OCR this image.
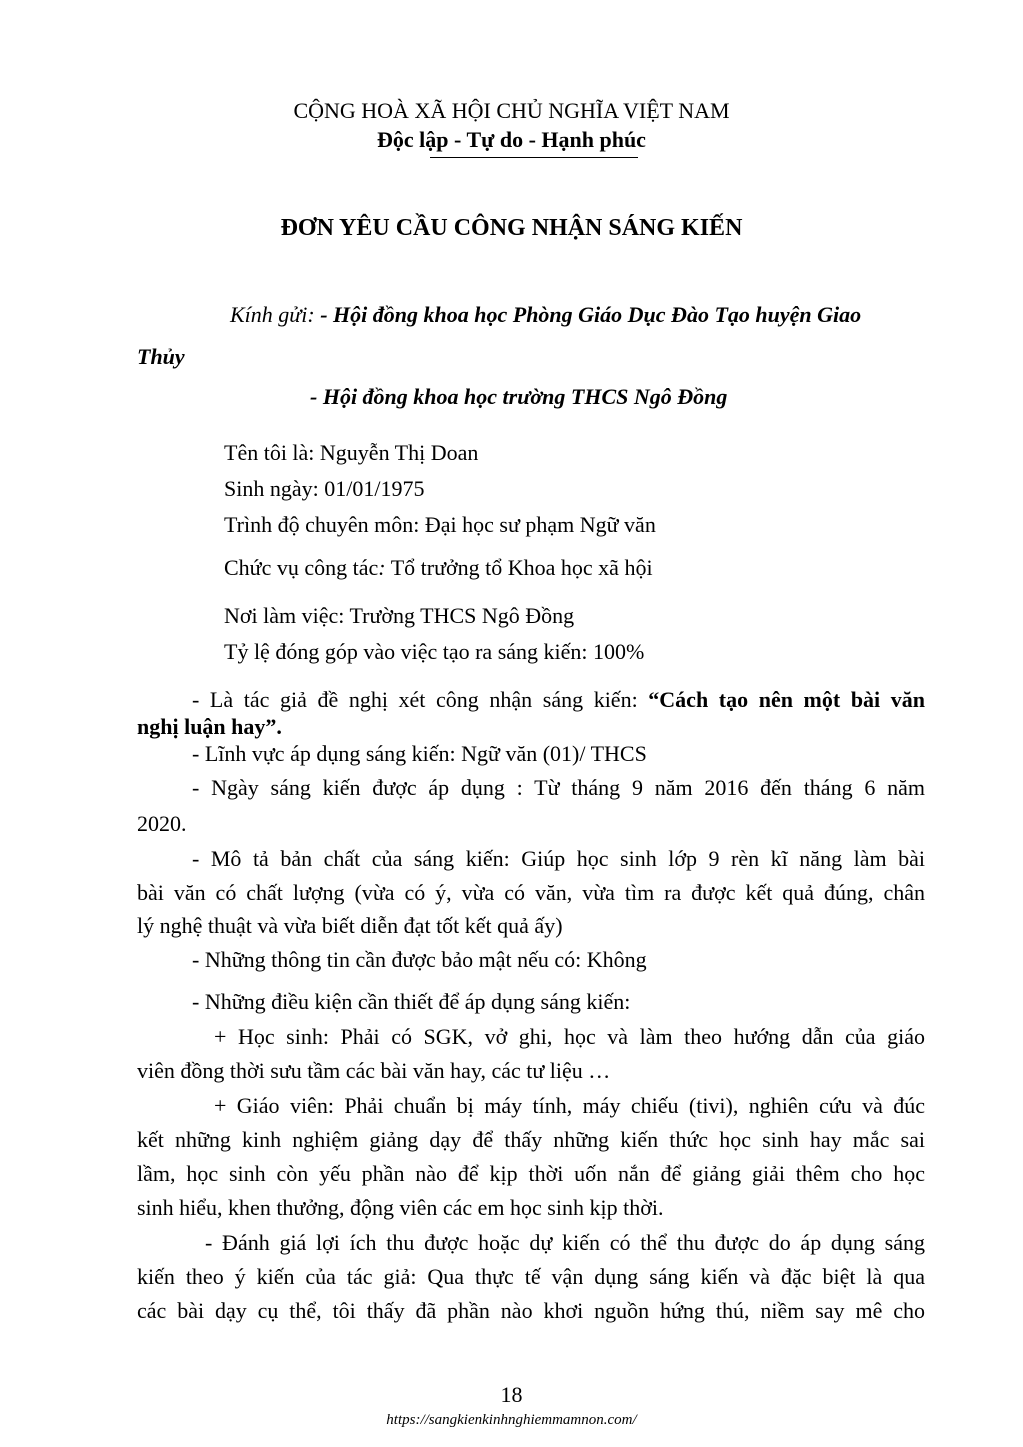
CỘNG HOÀ XÃ HỘI CHỦ NGHĨA VIỆT NAM
Độc lập - Tự do - Hạnh phúc
ĐƠN YÊU CẦU CÔNG NHẬN SÁNG KIẾN
Kính gửi: - Hội đồng khoa học Phòng Giáo Dục Đào Tạo huyện Giao
Thủy
- Hội đồng khoa học trường THCS Ngô Đồng
Tên tôi là: Nguyễn Thị Doan
Sinh ngày: 01/01/1975
Trình độ chuyên môn: Đại học sư phạm Ngữ văn
Chức vụ công tác: Tổ trưởng tổ Khoa học xã hội
Nơi làm việc: Trường THCS Ngô Đồng
Tỷ lệ đóng góp vào việc tạo ra sáng kiến: 100%
- Là tác giả đề nghị xét công nhận sáng kiến: “Cách tạo nên một bài văn
nghị luận hay”.
- Lĩnh vực áp dụng sáng kiến: Ngữ văn (01)/ THCS
- Ngày sáng kiến được áp dụng : Từ tháng 9 năm 2016 đến tháng 6 năm
2020.
- Mô tả bản chất của sáng kiến: Giúp học sinh lớp 9 rèn kĩ năng làm bài
bài văn có chất lượng (vừa có ý, vừa có văn, vừa tìm ra được kết quả đúng, chân
lý nghệ thuật và vừa biết diễn đạt tốt kết quả ấy)
- Những thông tin cần được bảo mật nếu có: Không
- Những điều kiện cần thiết để áp dụng sáng kiến:
+ Học sinh: Phải có SGK, vở ghi, học và làm theo hướng dẫn của giáo
viên đồng thời sưu tầm các bài văn hay, các tư liệu …
+ Giáo viên: Phải chuẩn bị máy tính, máy chiếu (tivi), nghiên cứu và đúc
kết những kinh nghiệm giảng dạy để thấy những kiến thức học sinh hay mắc sai
lầm, học sinh còn yếu phần nào để kịp thời uốn nắn để giảng giải thêm cho học
sinh hiểu, khen thưởng, động viên các em học sinh kịp thời.
- Đánh giá lợi ích thu được hoặc dự kiến có thể thu được do áp dụng sáng
kiến theo ý kiến của tác giả: Qua thực tế vận dụng sáng kiến và đặc biệt là qua
các bài dạy cụ thể, tôi thấy đã phần nào khơi nguồn hứng thú, niềm say mê cho
18
https://sangkienkinhnghiemmamnon.com/
